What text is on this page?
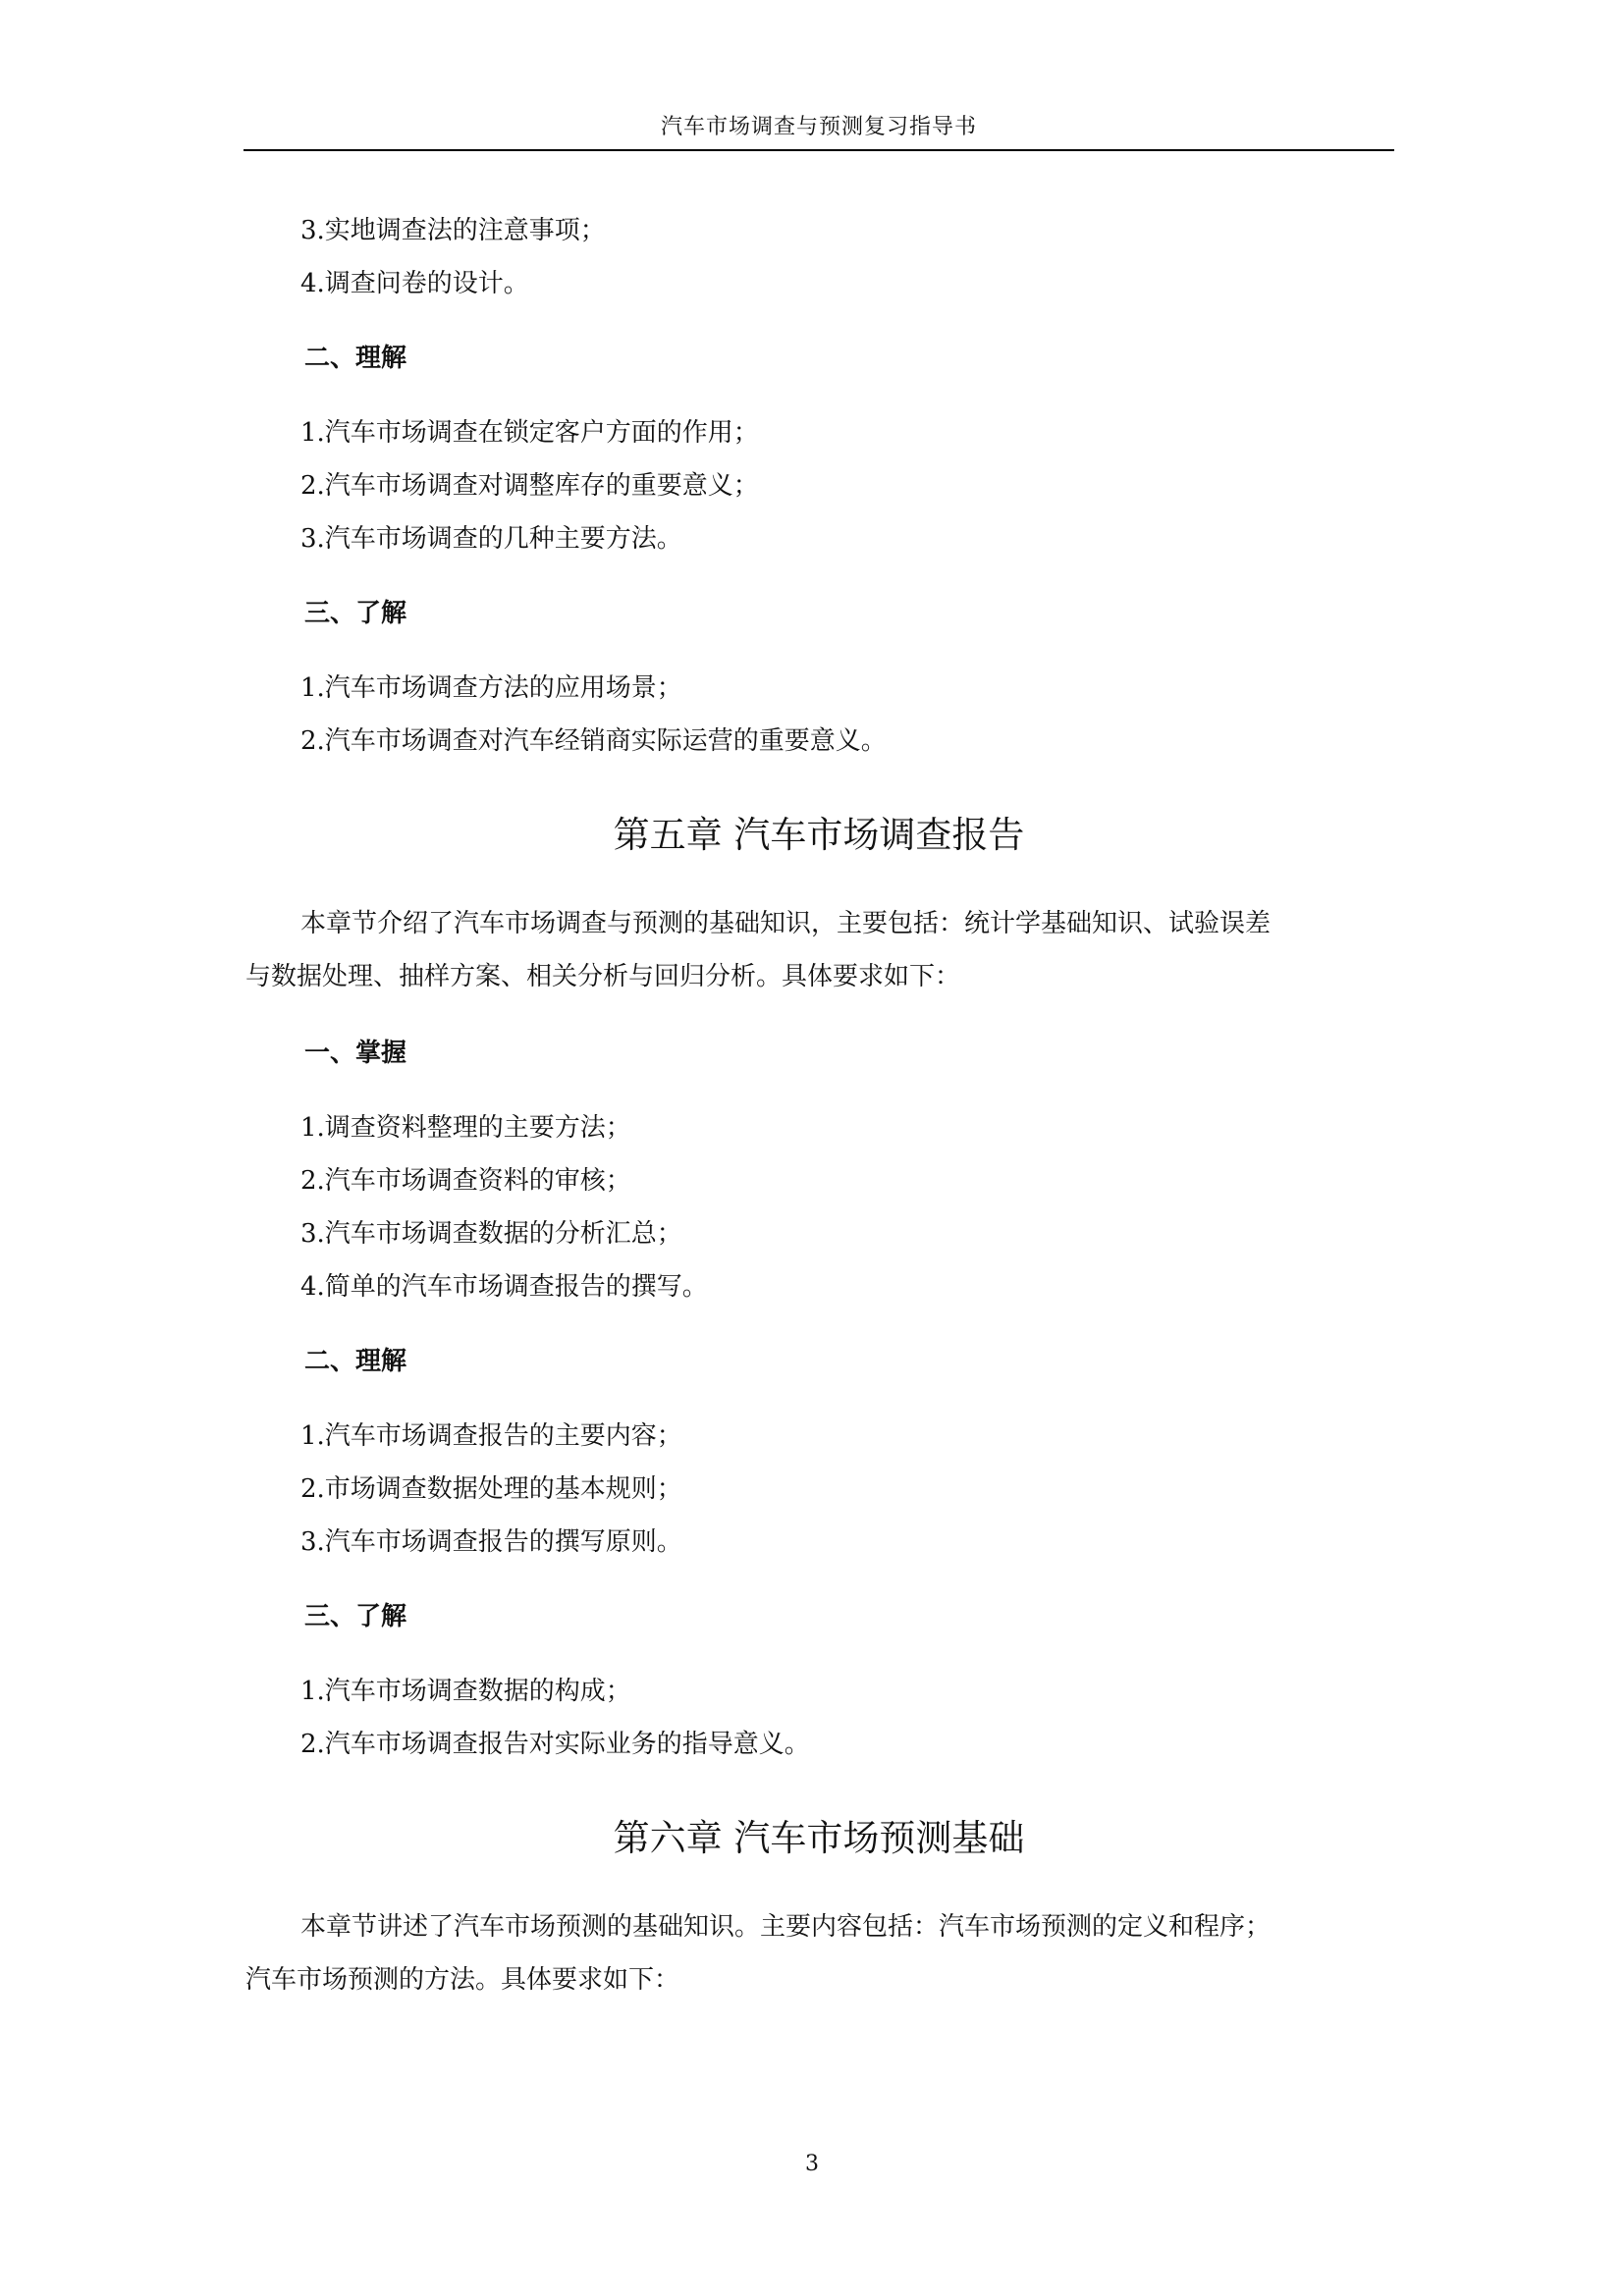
汽车市场调查与预测复习指导书
3.实地调查法的注意事项；
4.调查问卷的设计。
二、理解
1.汽车市场调查在锁定客户方面的作用；
2.汽车市场调查对调整库存的重要意义；
3.汽车市场调查的几种主要方法。
三、了解
1.汽车市场调查方法的应用场景；
2.汽车市场调查对汽车经销商实际运营的重要意义。
第五章 汽车市场调查报告
本章节介绍了汽车市场调查与预测的基础知识，主要包括：统计学基础知识、试验误差
与数据处理、抽样方案、相关分析与回归分析。具体要求如下：
一、掌握
1.调查资料整理的主要方法；
2.汽车市场调查资料的审核；
3.汽车市场调查数据的分析汇总；
4.简单的汽车市场调查报告的撰写。
二、理解
1.汽车市场调查报告的主要内容；
2.市场调查数据处理的基本规则；
3.汽车市场调查报告的撰写原则。
三、了解
1.汽车市场调查数据的构成；
2.汽车市场调查报告对实际业务的指导意义。
第六章 汽车市场预测基础
本章节讲述了汽车市场预测的基础知识。主要内容包括：汽车市场预测的定义和程序；
汽车市场预测的方法。具体要求如下：
3
